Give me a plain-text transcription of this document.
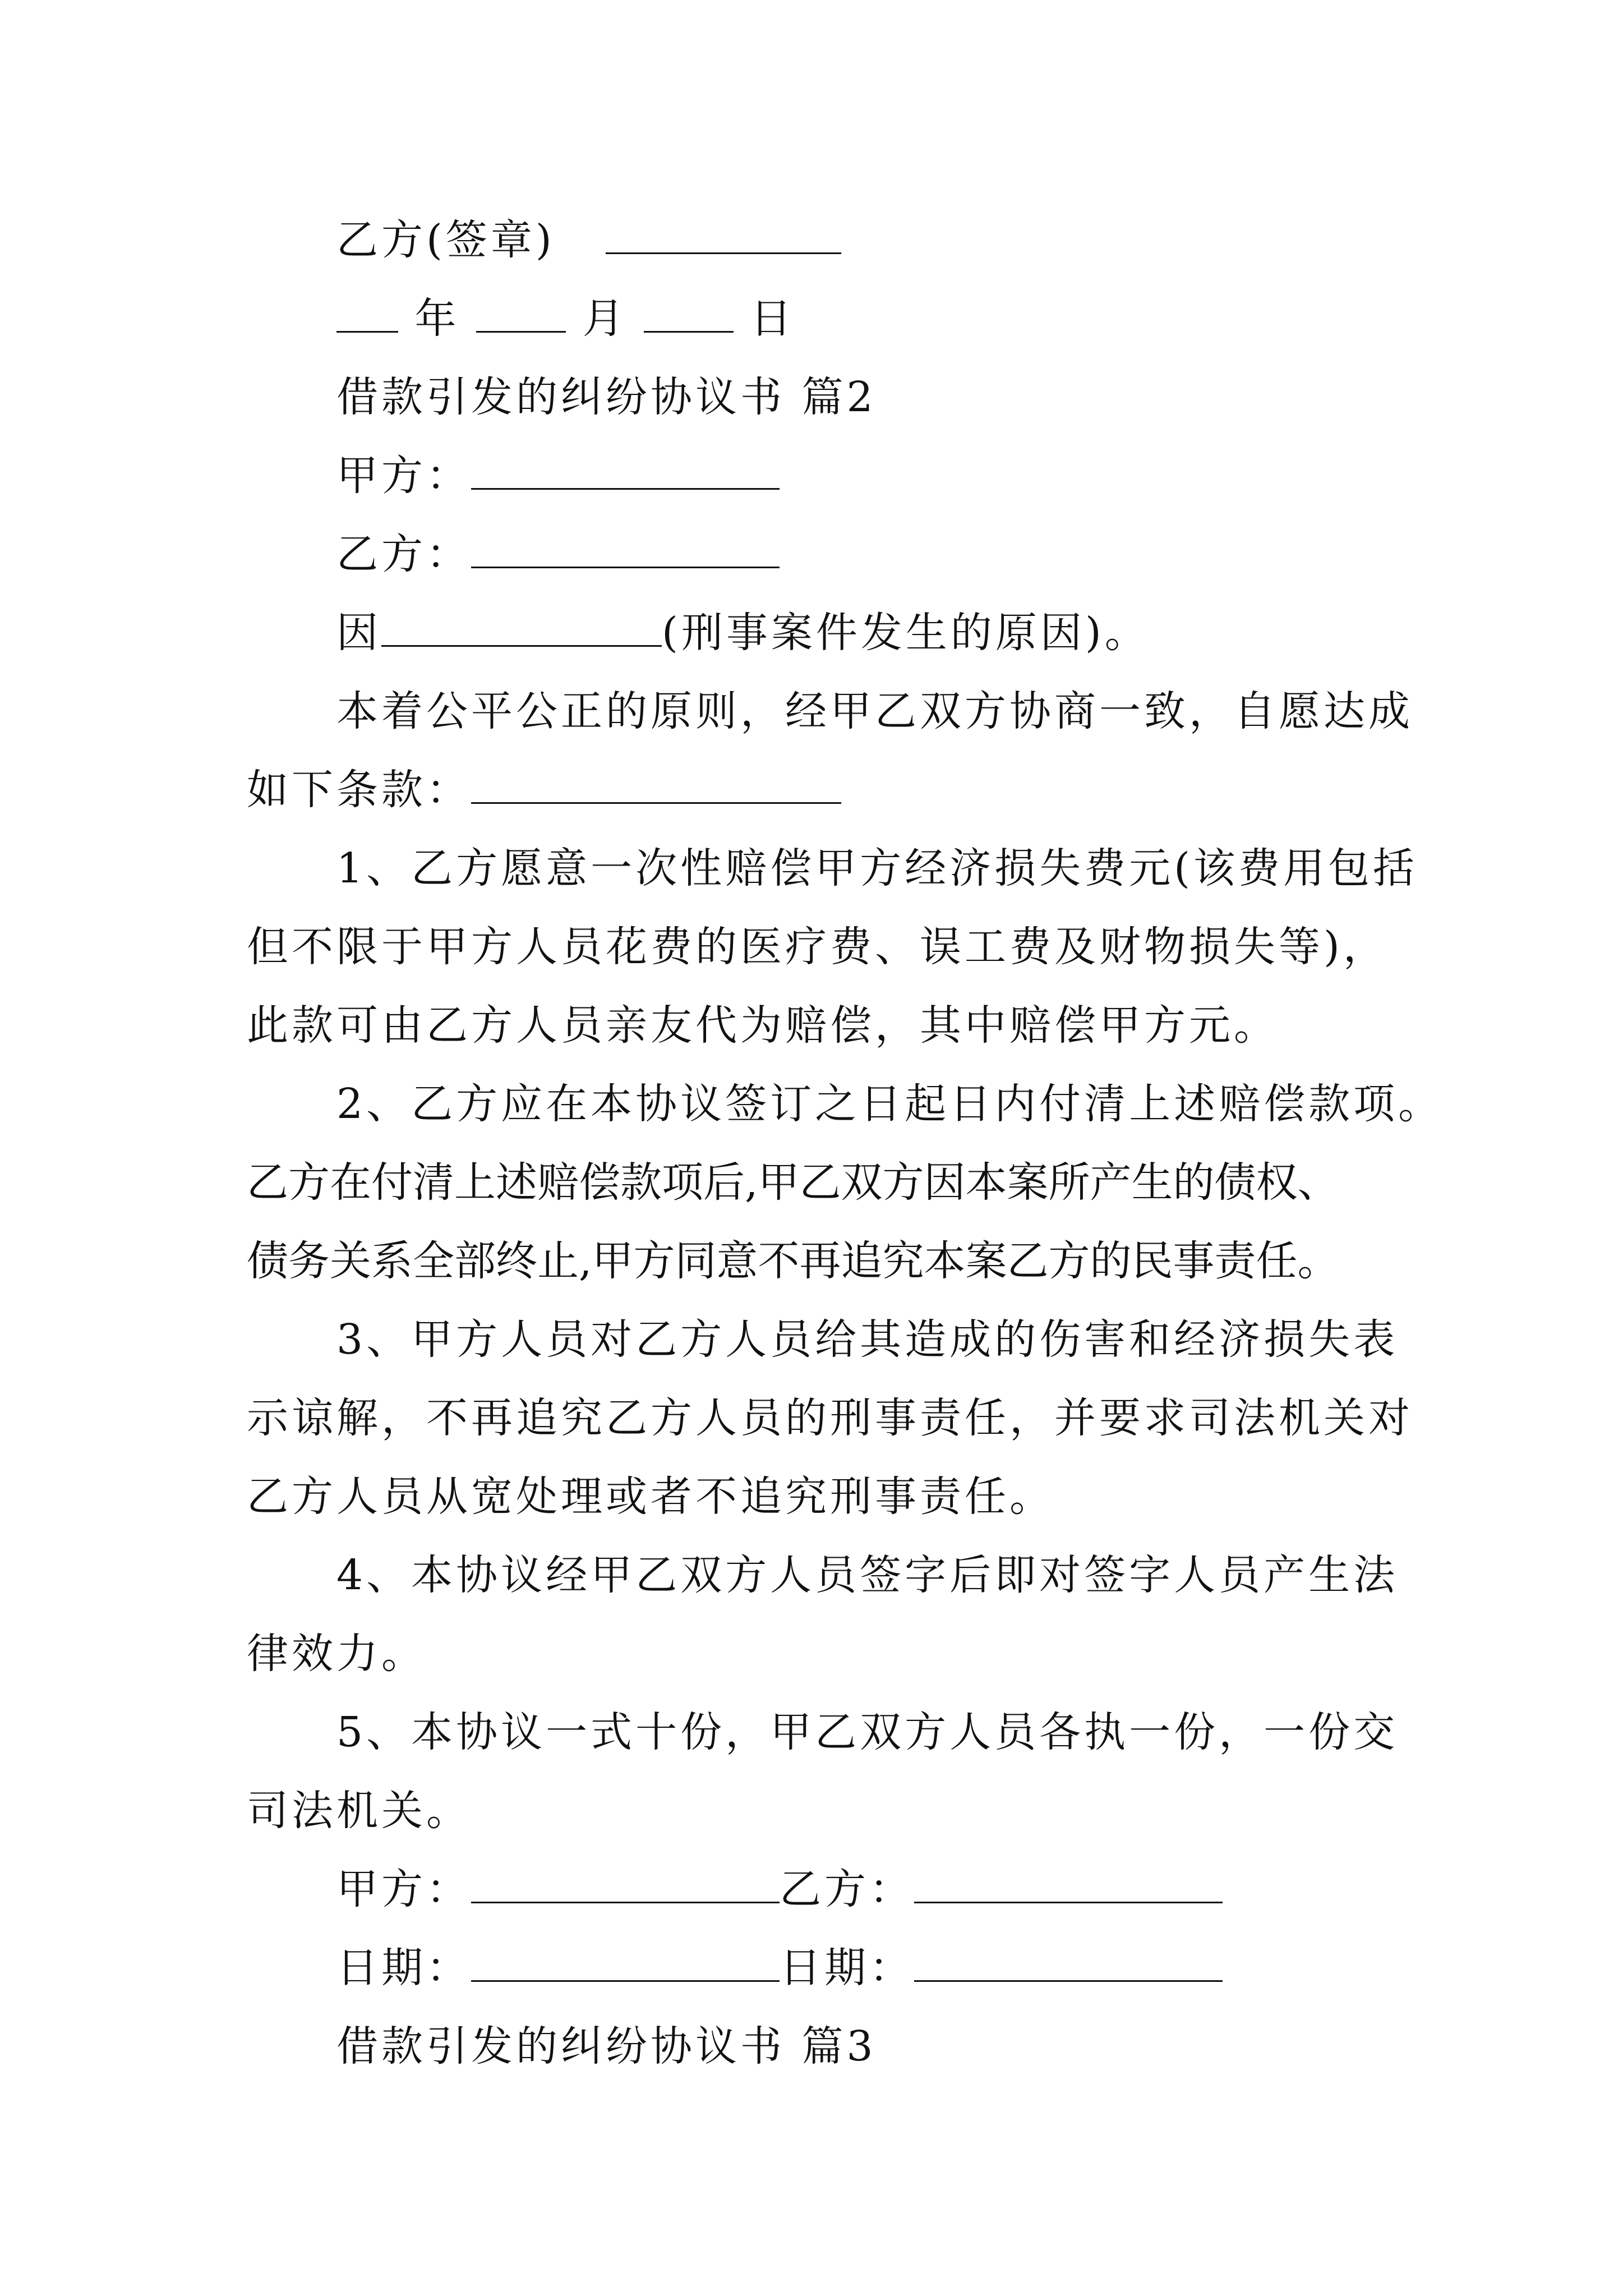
乙方(签章)
年	月	日
借款引发的纠纷协议书 篇2
甲方：
乙方：
因	(刑事案件发生的原因)。
本着公平公正的原则，经甲乙双方协商一致，自愿达成
如下条款：
1、乙方愿意一次性赔偿甲方经济损失费元(该费用包括
但不限于甲方人员花费的医疗费、误工费及财物损失等)，
此款可由乙方人员亲友代为赔偿，其中赔偿甲方元。
2、乙方应在本协议签订之日起日内付清上述赔偿款项。
乙方在付清上述赔偿款项后,甲乙双方因本案所产生的债权、
债务关系全部终止,甲方同意不再追究本案乙方的民事责任。
3、甲方人员对乙方人员给其造成的伤害和经济损失表
示谅解，不再追究乙方人员的刑事责任，并要求司法机关对
乙方人员从宽处理或者不追究刑事责任。
4、本协议经甲乙双方人员签字后即对签字人员产生法
律效力。
5、本协议一式十份，甲乙双方人员各执一份，一份交
司法机关。
甲方：	乙方：
日期：	日期：
借款引发的纠纷协议书 篇3
